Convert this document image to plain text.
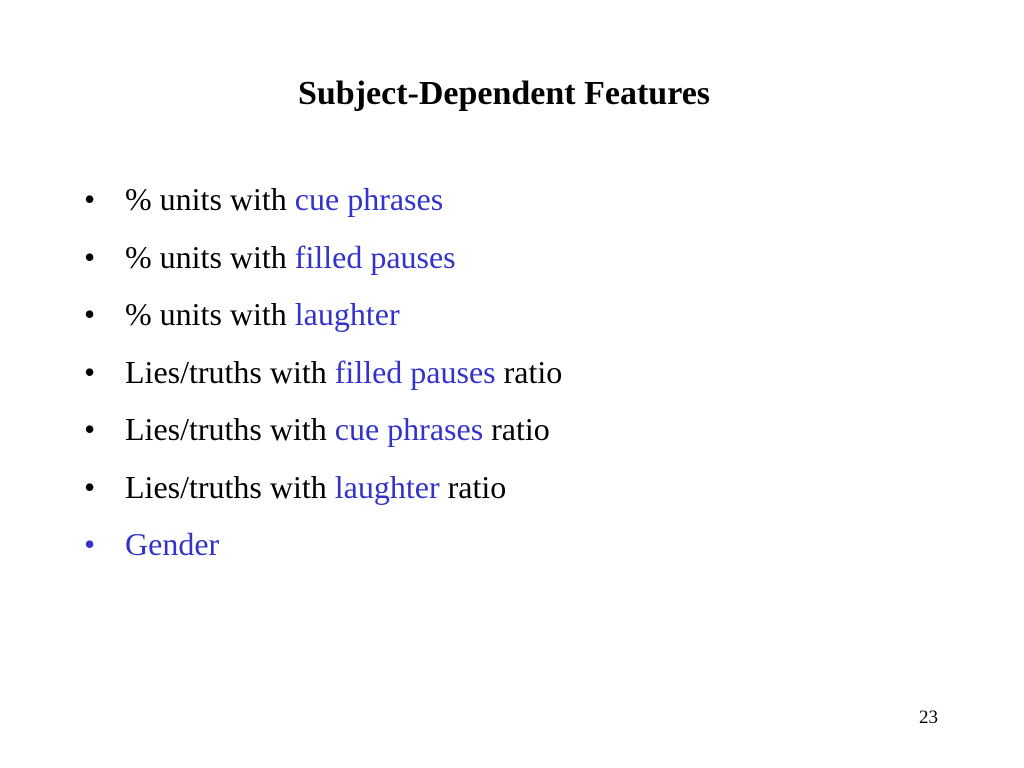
Subject-Dependent Features
• % units with cue phrases
• % units with filled pauses
• % units with laughter
• Lies/truths with filled pauses ratio
• Lies/truths with cue phrases ratio
• Lies/truths with laughter ratio
• Gender
23
